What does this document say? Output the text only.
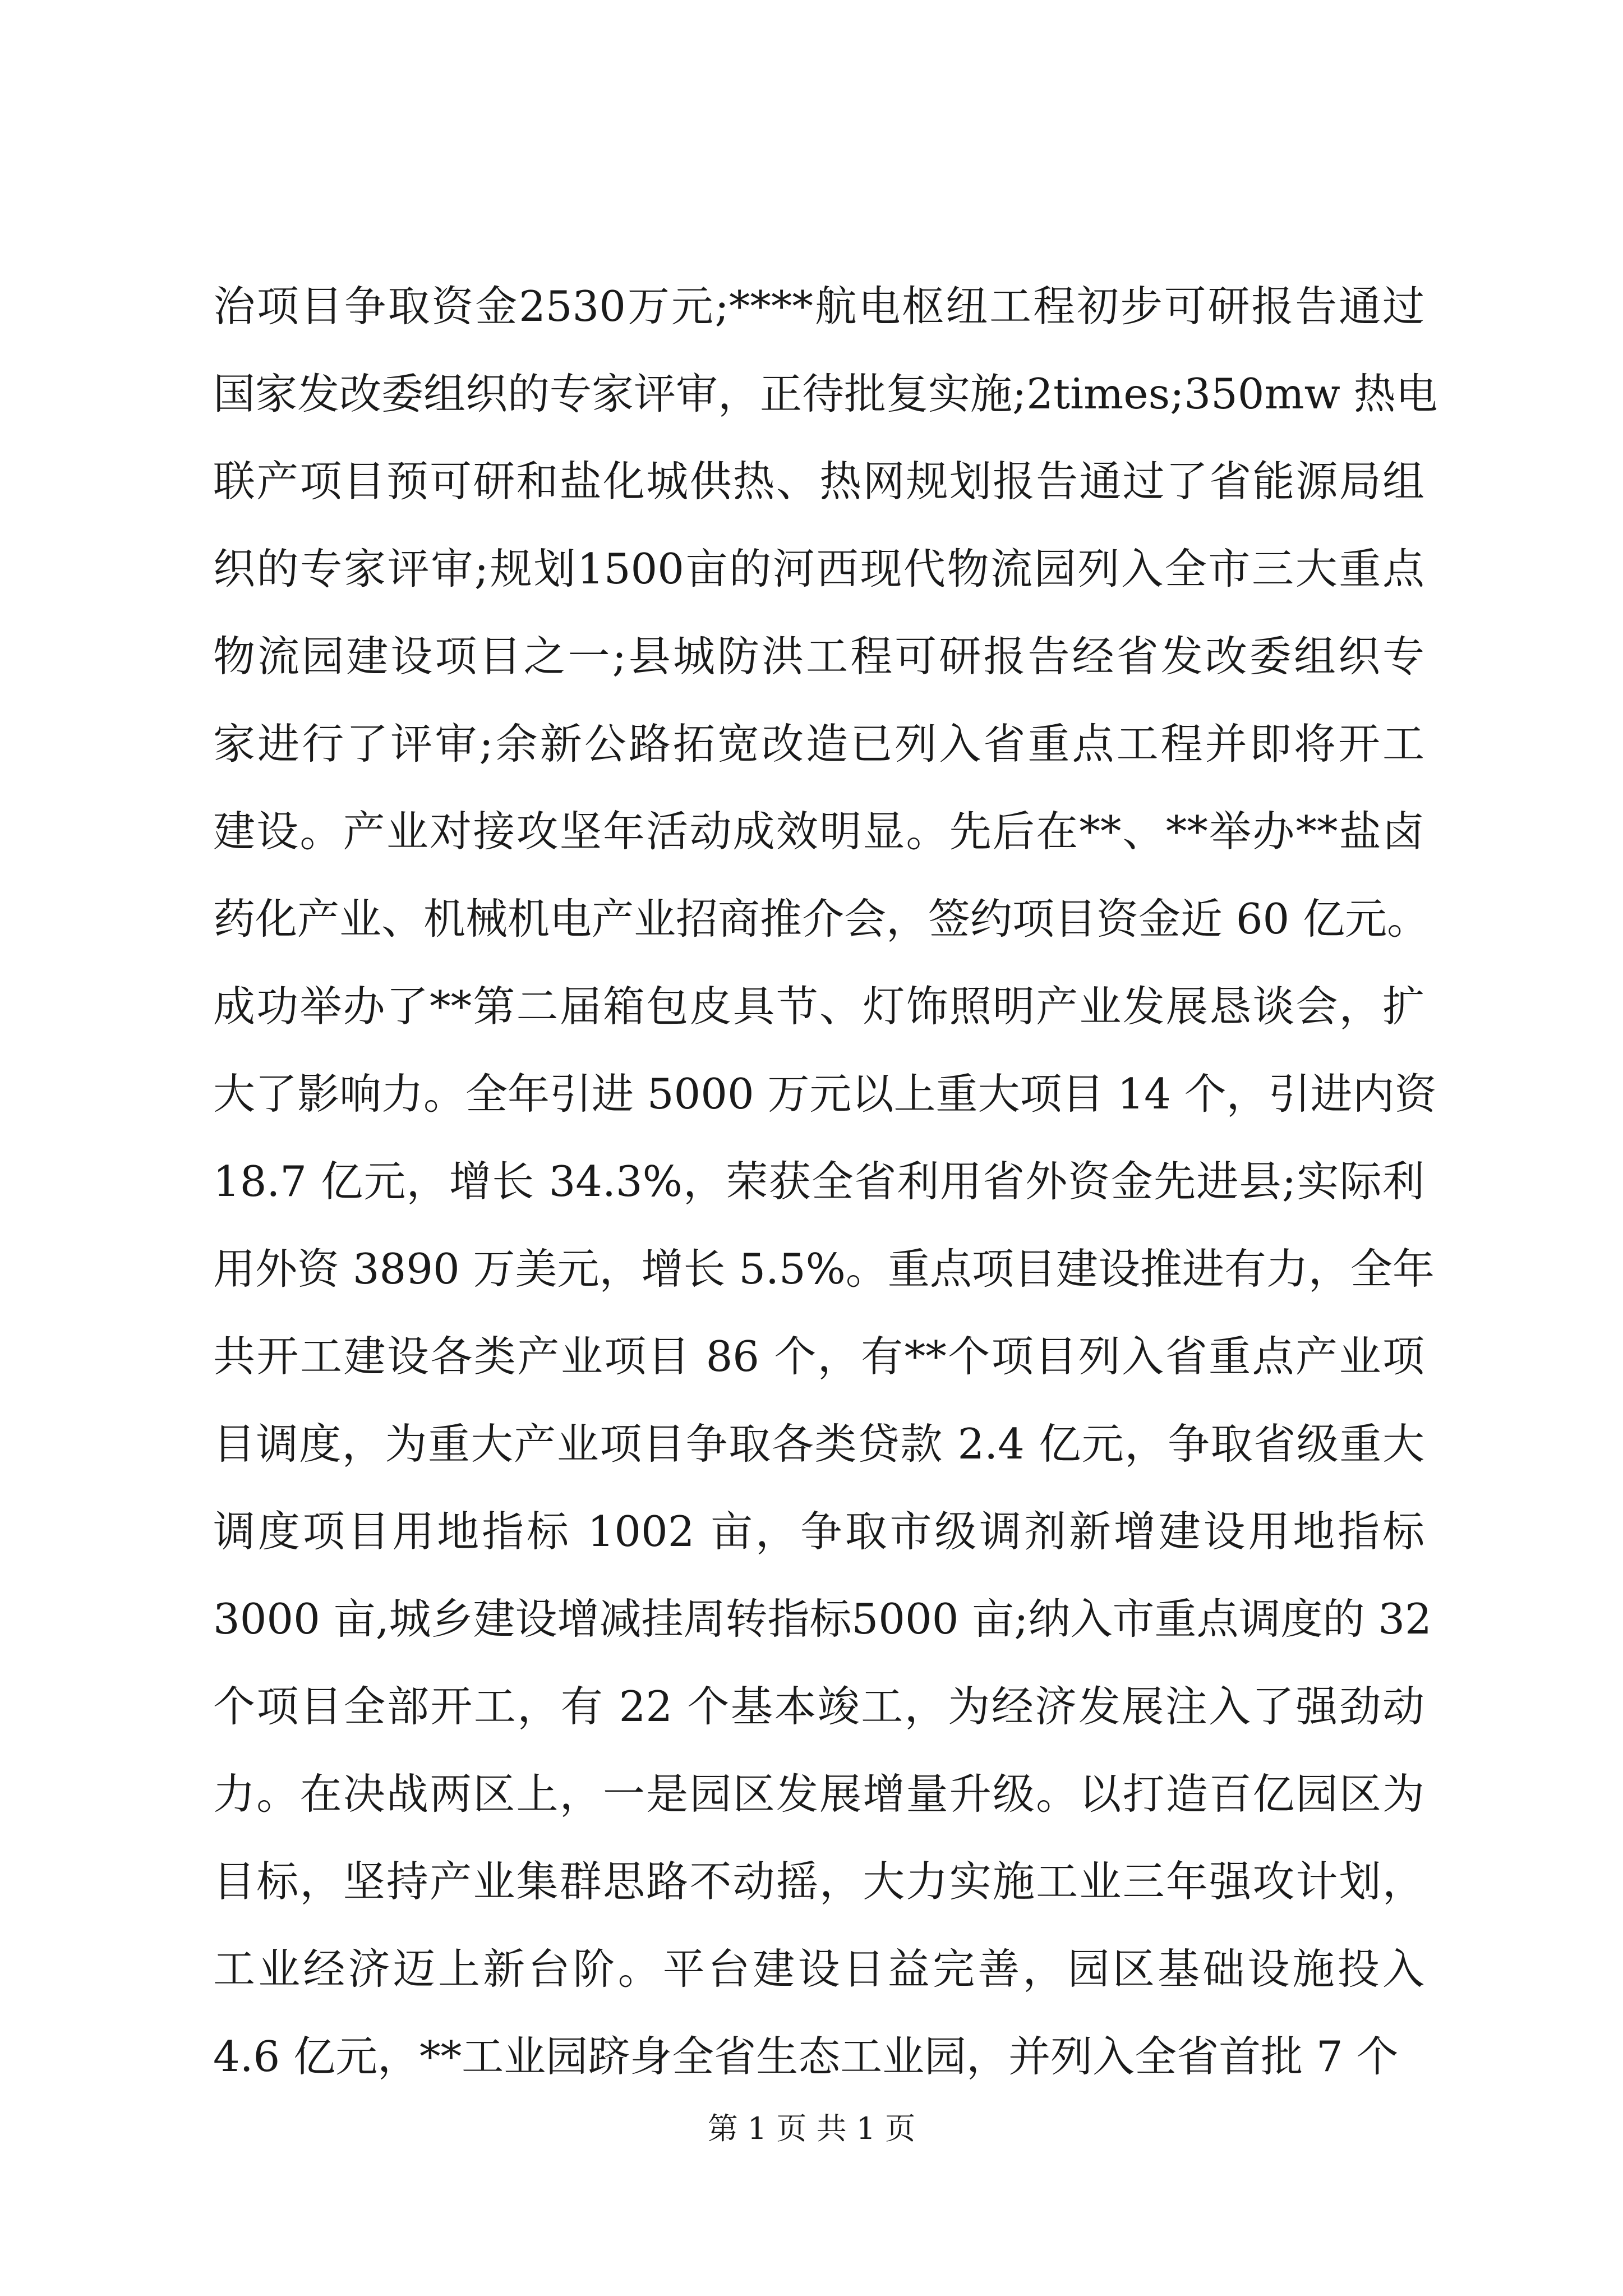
治项目争取资金2530万元;****航电枢纽工程初步可研报告通过
国家发改委组织的专家评审，正待批复实施;2times;350mw 热电
联产项目预可研和盐化城供热、热网规划报告通过了省能源局组
织的专家评审;规划1500亩的河西现代物流园列入全市三大重点
物流园建设项目之一;县城防洪工程可研报告经省发改委组织专
家进行了评审;余新公路拓宽改造已列入省重点工程并即将开工
建设。产业对接攻坚年活动成效明显。先后在**、**举办**盐卤
药化产业、机械机电产业招商推介会，签约项目资金近 60 亿元。
成功举办了**第二届箱包皮具节、灯饰照明产业发展恳谈会，扩
大了影响力。全年引进 5000 万元以上重大项目 14 个，引进内资
18.7 亿元，增长 34.3%，荣获全省利用省外资金先进县;实际利
用外资 3890 万美元，增长 5.5%。重点项目建设推进有力，全年
共开工建设各类产业项目 86 个，有**个项目列入省重点产业项
目调度，为重大产业项目争取各类贷款 2.4 亿元，争取省级重大
调度项目用地指标 1002 亩，争取市级调剂新增建设用地指标
3000 亩,城乡建设增减挂周转指标5000 亩;纳入市重点调度的 32
个项目全部开工，有 22 个基本竣工，为经济发展注入了强劲动
力。在决战两区上，一是园区发展增量升级。以打造百亿园区为
目标，坚持产业集群思路不动摇，大力实施工业三年强攻计划，
工业经济迈上新台阶。平台建设日益完善，园区基础设施投入
4.6 亿元，**工业园跻身全省生态工业园，并列入全省首批 7 个
第 1 页 共 1 页
